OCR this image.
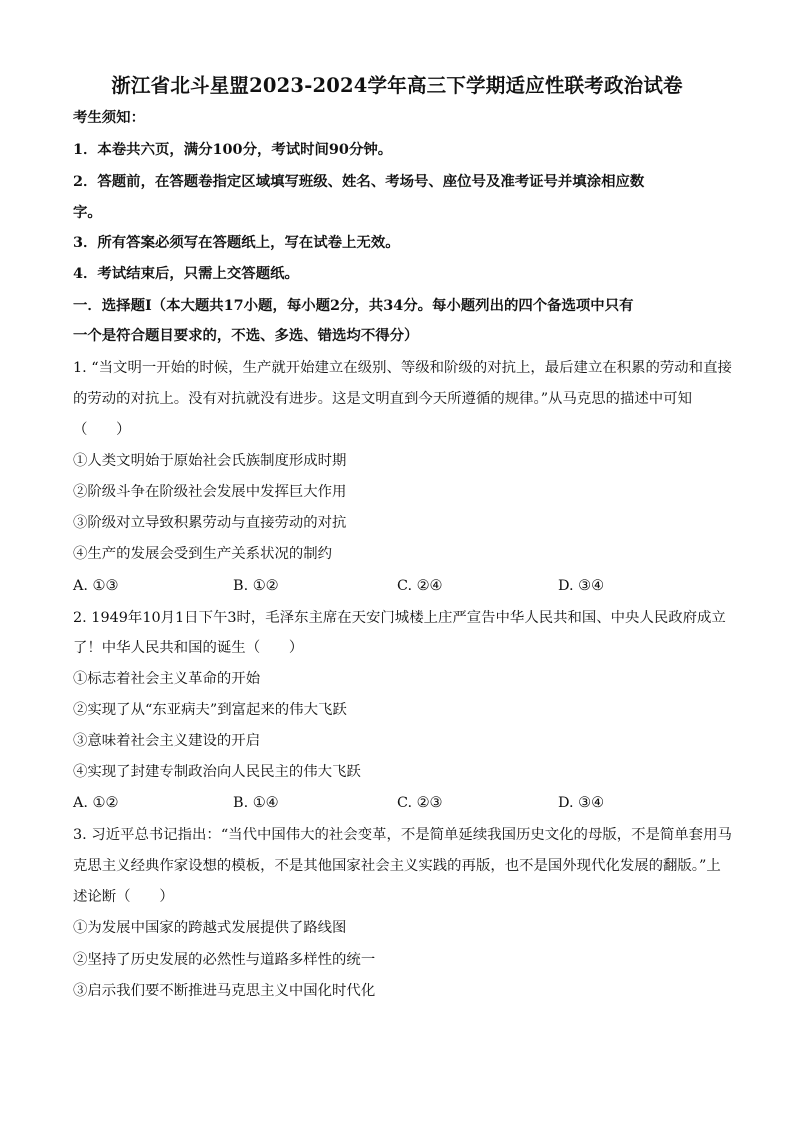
浙江省北斗星盟2023-2024学年高三下学期适应性联考政治试卷
考生须知：
1．本卷共六页，满分100分，考试时间90分钟。
2．答题前，在答题卷指定区域填写班级、姓名、考场号、座位号及准考证号并填涂相应数
字。
3．所有答案必须写在答题纸上，写在试卷上无效。
4．考试结束后，只需上交答题纸。
一．选择题Ⅰ（本大题共17小题，每小题2分，共34分。每小题列出的四个备选项中只有
一个是符合题目要求的，不选、多选、错选均不得分）
1. “当文明一开始的时候，生产就开始建立在级别、等级和阶级的对抗上，最后建立在积累的劳动和直接
的劳动的对抗上。没有对抗就没有进步。这是文明直到今天所遵循的规律。”从马克思的描述中可知
（　　）
①人类文明始于原始社会氏族制度形成时期
②阶级斗争在阶级社会发展中发挥巨大作用
③阶级对立导致积累劳动与直接劳动的对抗
④生产的发展会受到生产关系状况的制约
A. ①③	B. ①②	C. ②④	D. ③④
2. 1949年10月1日下午3时，毛泽东主席在天安门城楼上庄严宣告中华人民共和国、中央人民政府成立
了！中华人民共和国的诞生（　　）
①标志着社会主义革命的开始
②实现了从“东亚病夫”到富起来的伟大飞跃
③意味着社会主义建设的开启
④实现了封建专制政治向人民民主的伟大飞跃
A. ①②	B. ①④	C. ②③	D. ③④
3. 习近平总书记指出：“当代中国伟大的社会变革，不是简单延续我国历史文化的母版，不是简单套用马
克思主义经典作家设想的模板，不是其他国家社会主义实践的再版，也不是国外现代化发展的翻版。”上
述论断（　　）
①为发展中国家的跨越式发展提供了路线图
②坚持了历史发展的必然性与道路多样性的统一
③启示我们要不断推进马克思主义中国化时代化
